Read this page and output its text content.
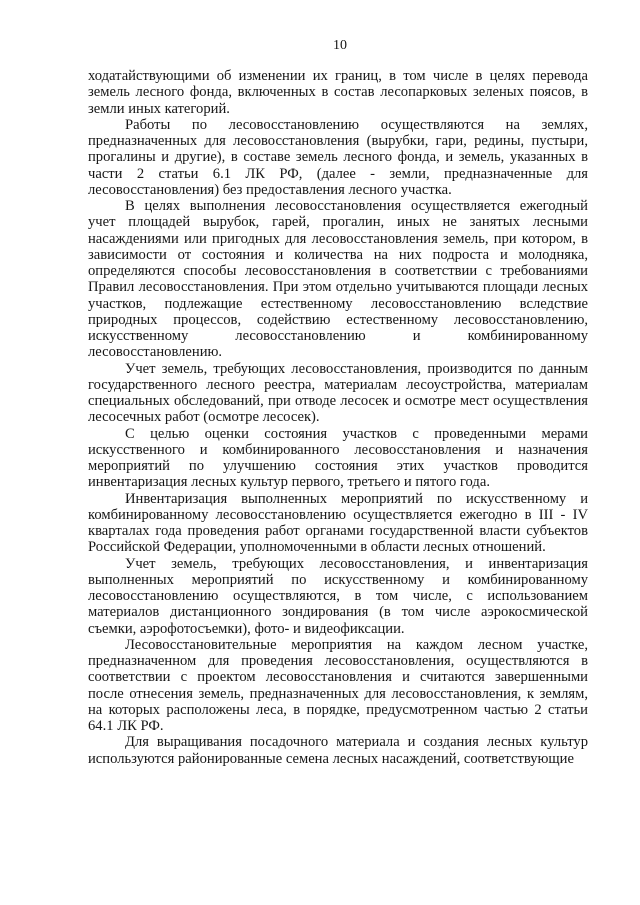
10

ходатайствующими об изменении их границ, в том числе в целях перевода земель лесного фонда, включенных в состав лесопарковых зеленых поясов, в земли иных категорий.

Работы по лесовосстановлению осуществляются на землях, предназначенных для лесовосстановления (вырубки, гари, редины, пустыри, прогалины и другие), в составе земель лесного фонда, и земель, указанных в части 2 статьи 6.1 ЛК РФ, (далее - земли, предназначенные для лесовосстановления) без предоставления лесного участка.

В целях выполнения лесовосстановления осуществляется ежегодный учет площадей вырубок, гарей, прогалин, иных не занятых лесными насаждениями или пригодных для лесовосстановления земель, при котором, в зависимости от состояния и количества на них подроста и молодняка, определяются способы лесовосстановления в соответствии с требованиями Правил лесовосстановления. При этом отдельно учитываются площади лесных участков, подлежащие естественному лесовосстановлению вследствие природных процессов, содействию естественному лесовосстановлению, искусственному лесовосстановлению и комбинированному лесовосстановлению.

Учет земель, требующих лесовосстановления, производится по данным государственного лесного реестра, материалам лесоустройства, материалам специальных обследований, при отводе лесосек и осмотре мест осуществления лесосечных работ (осмотре лесосек).

С целью оценки состояния участков с проведенными мерами искусственного и комбинированного лесовосстановления и назначения мероприятий по улучшению состояния этих участков проводится инвентаризация лесных культур первого, третьего и пятого года.

Инвентаризация выполненных мероприятий по искусственному и комбинированному лесовосстановлению осуществляется ежегодно в III - IV кварталах года проведения работ органами государственной власти субъектов Российской Федерации, уполномоченными в области лесных отношений.

Учет земель, требующих лесовосстановления, и инвентаризация выполненных мероприятий по искусственному и комбинированному лесовосстановлению осуществляются, в том числе, с использованием материалов дистанционного зондирования (в том числе аэрокосмической съемки, аэрофотосъемки), фото- и видеофиксации.

Лесовосстановительные мероприятия на каждом лесном участке, предназначенном для проведения лесовосстановления, осуществляются в соответствии с проектом лесовосстановления и считаются завершенными после отнесения земель, предназначенных для лесовосстановления, к землям, на которых расположены леса, в порядке, предусмотренном частью 2 статьи 64.1 ЛК РФ.

Для выращивания посадочного материала и создания лесных культур используются районированные семена лесных насаждений, соответствующие
